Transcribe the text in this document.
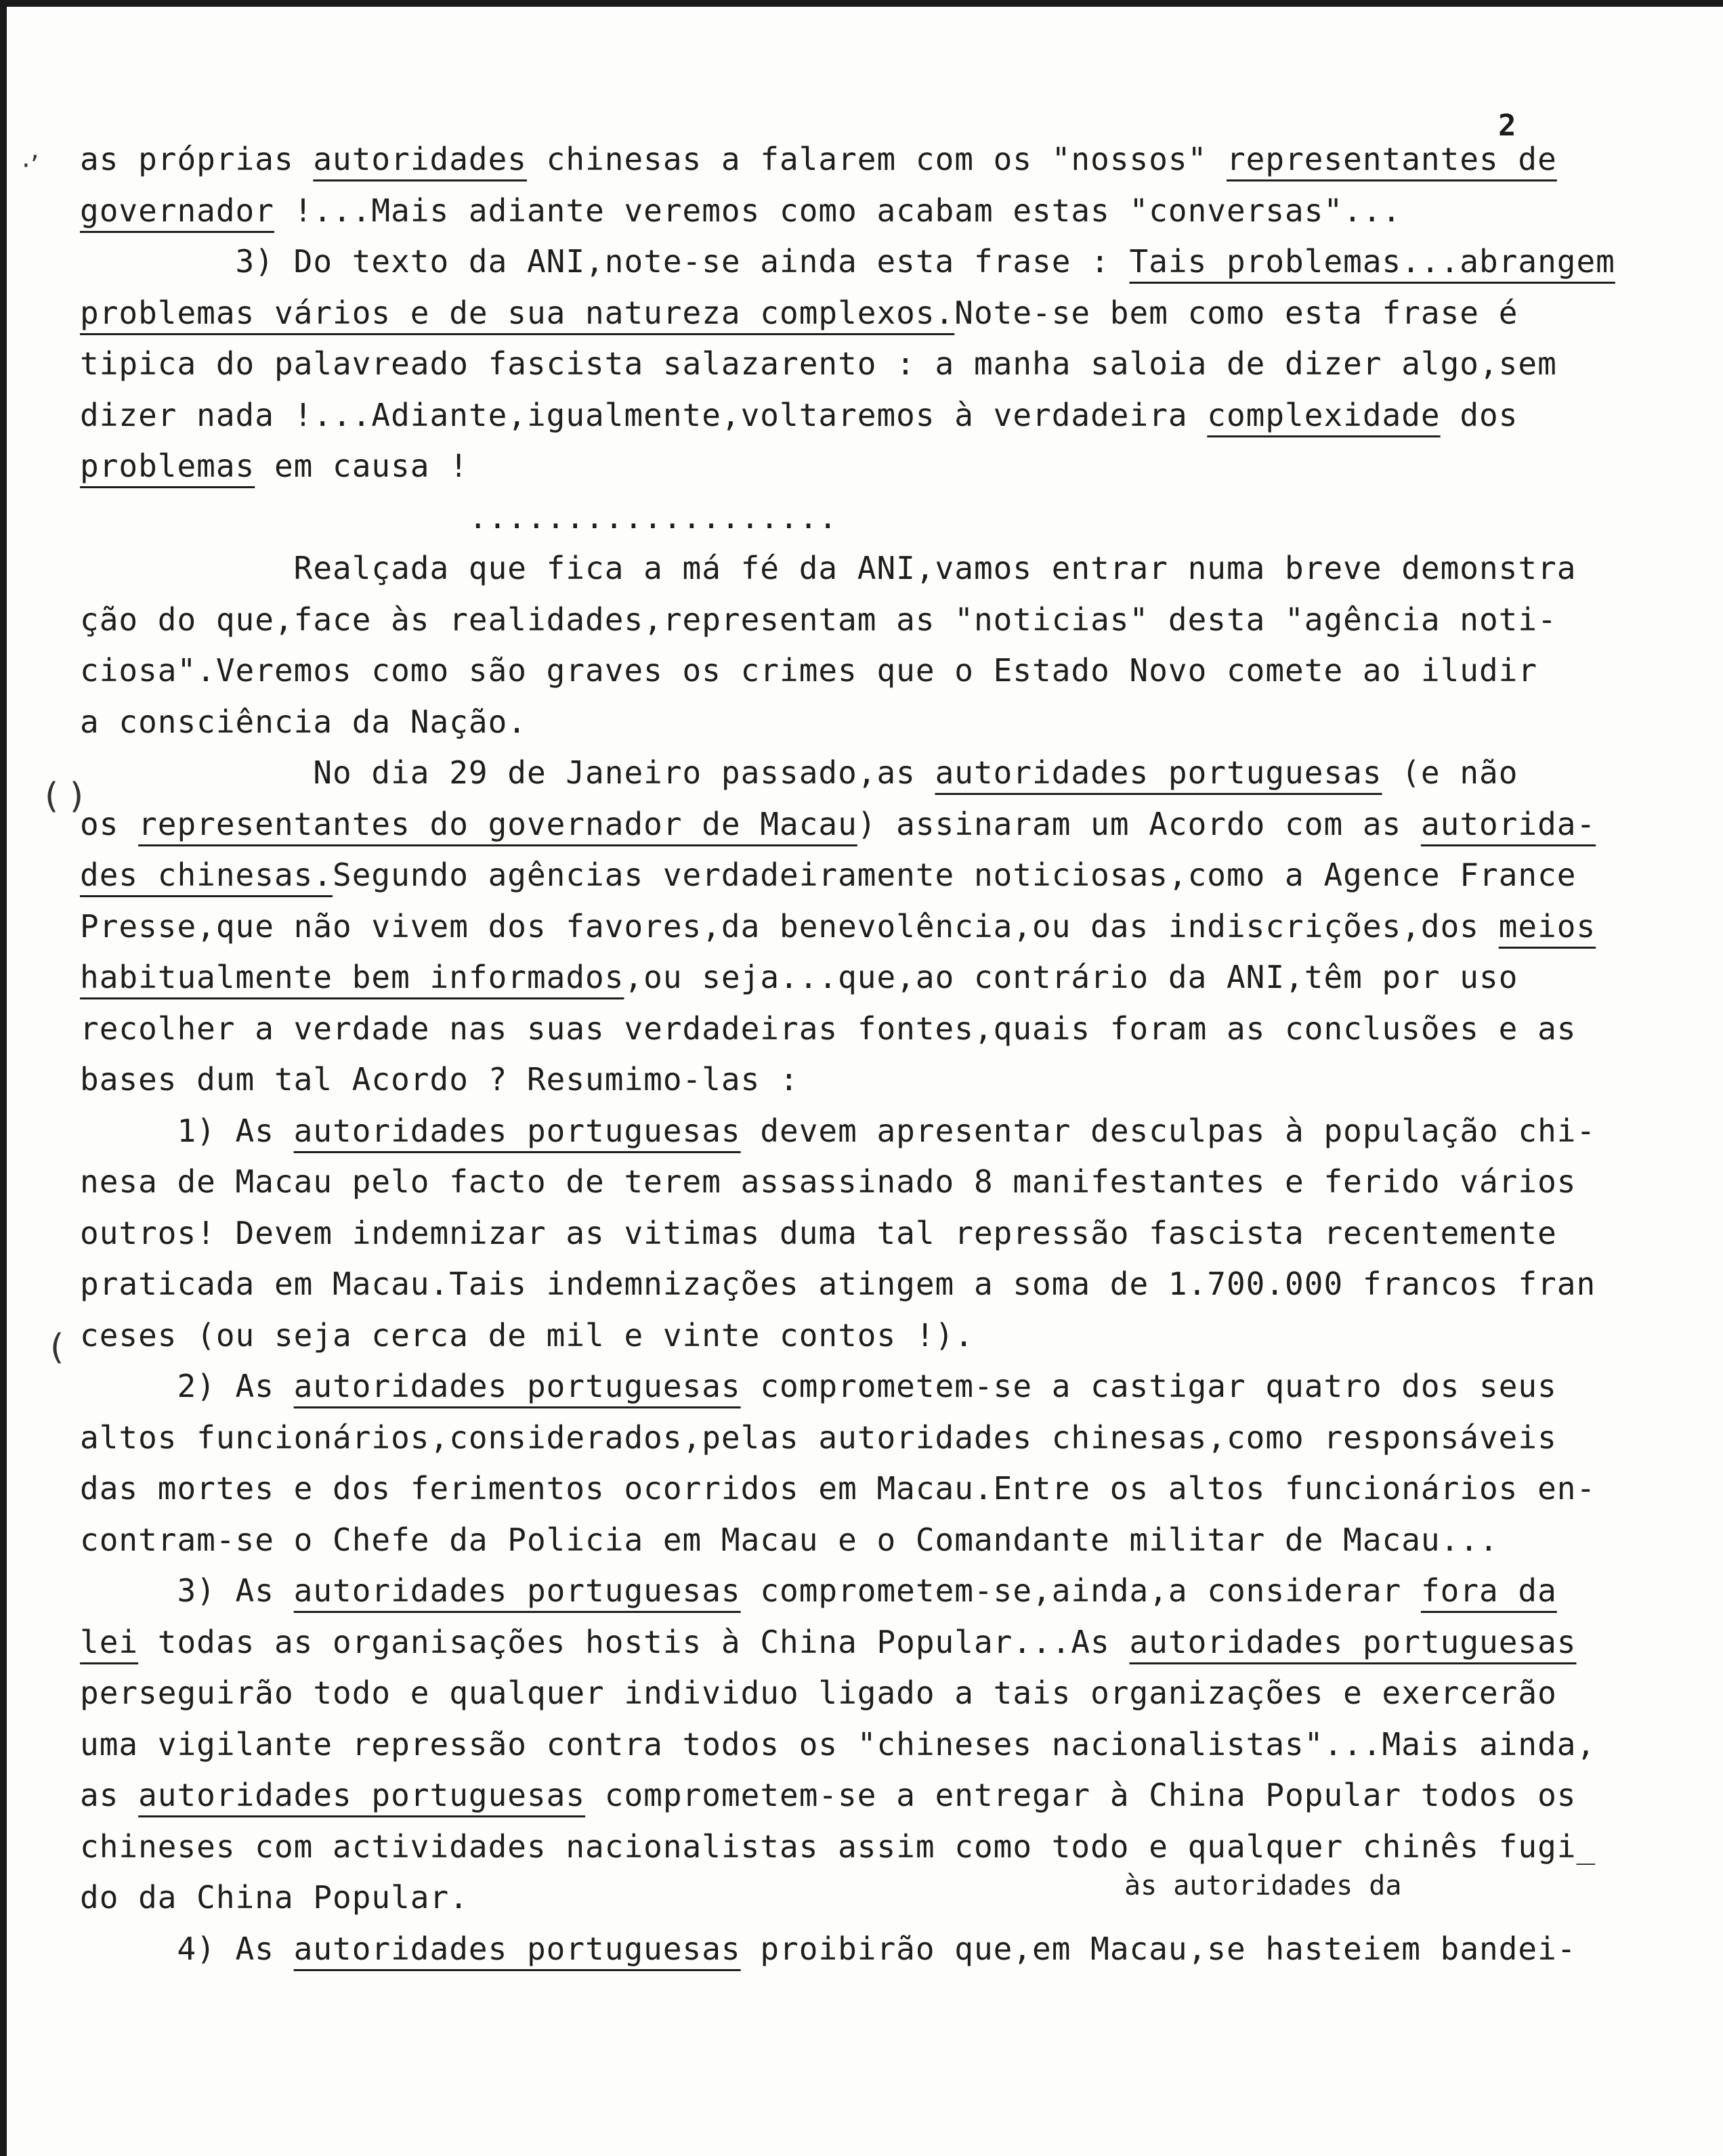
2
·’
( )
(
as próprias autoridades chinesas a falarem com os "nossos" representantes de
governador !...Mais adiante veremos como acabam estas "conversas"...
3) Do texto da ANI,note-se ainda esta frase : Tais problemas...abrangem
problemas vários e de sua natureza complexos.Note-se bem como esta frase é
tipica do palavreado fascista salazarento : a manha saloia de dizer algo,sem
dizer nada !...Adiante,igualmente,voltaremos à verdadeira complexidade dos
problemas em causa !
...................
Realçada que fica a má fé da ANI,vamos entrar numa breve demonstra
ção do que,face às realidades,representam as "noticias" desta "agência noti-
ciosa".Veremos como são graves os crimes que o Estado Novo comete ao iludir
a consciência da Nação.
No dia 29 de Janeiro passado,as autoridades portuguesas (e não
os representantes do governador de Macau) assinaram um Acordo com as autorida-
des chinesas.Segundo agências verdadeiramente noticiosas,como a Agence France
Presse,que não vivem dos favores,da benevolência,ou das indiscrições,dos meios
habitualmente bem informados,ou seja...que,ao contrário da ANI,têm por uso
recolher a verdade nas suas verdadeiras fontes,quais foram as conclusões e as
bases dum tal Acordo ? Resumimo-las :
1) As autoridades portuguesas devem apresentar desculpas à população chi-
nesa de Macau pelo facto de terem assassinado 8 manifestantes e ferido vários
outros! Devem indemnizar as vitimas duma tal repressão fascista recentemente
praticada em Macau.Tais indemnizações atingem a soma de 1.700.000 francos fran
ceses (ou seja cerca de mil e vinte contos !).
2) As autoridades portuguesas comprometem-se a castigar quatro dos seus
altos funcionários,considerados,pelas autoridades chinesas,como responsáveis
das mortes e dos ferimentos ocorridos em Macau.Entre os altos funcionários en-
contram-se o Chefe da Policia em Macau e o Comandante militar de Macau...
3) As autoridades portuguesas comprometem-se,ainda,a considerar fora da
lei todas as organisações hostis à China Popular...As autoridades portuguesas
perseguirão todo e qualquer individuo ligado a tais organizações e exercerão
uma vigilante repressão contra todos os "chineses nacionalistas"...Mais ainda,
as autoridades portuguesas comprometem-se a entregar à China Popular todos os
chineses com actividades nacionalistas assim como todo e qualquer chinês fugi_
do da China Popular.
4) As autoridades portuguesas proibirão que,em Macau,se hasteiem bandei-
às autoridades da
